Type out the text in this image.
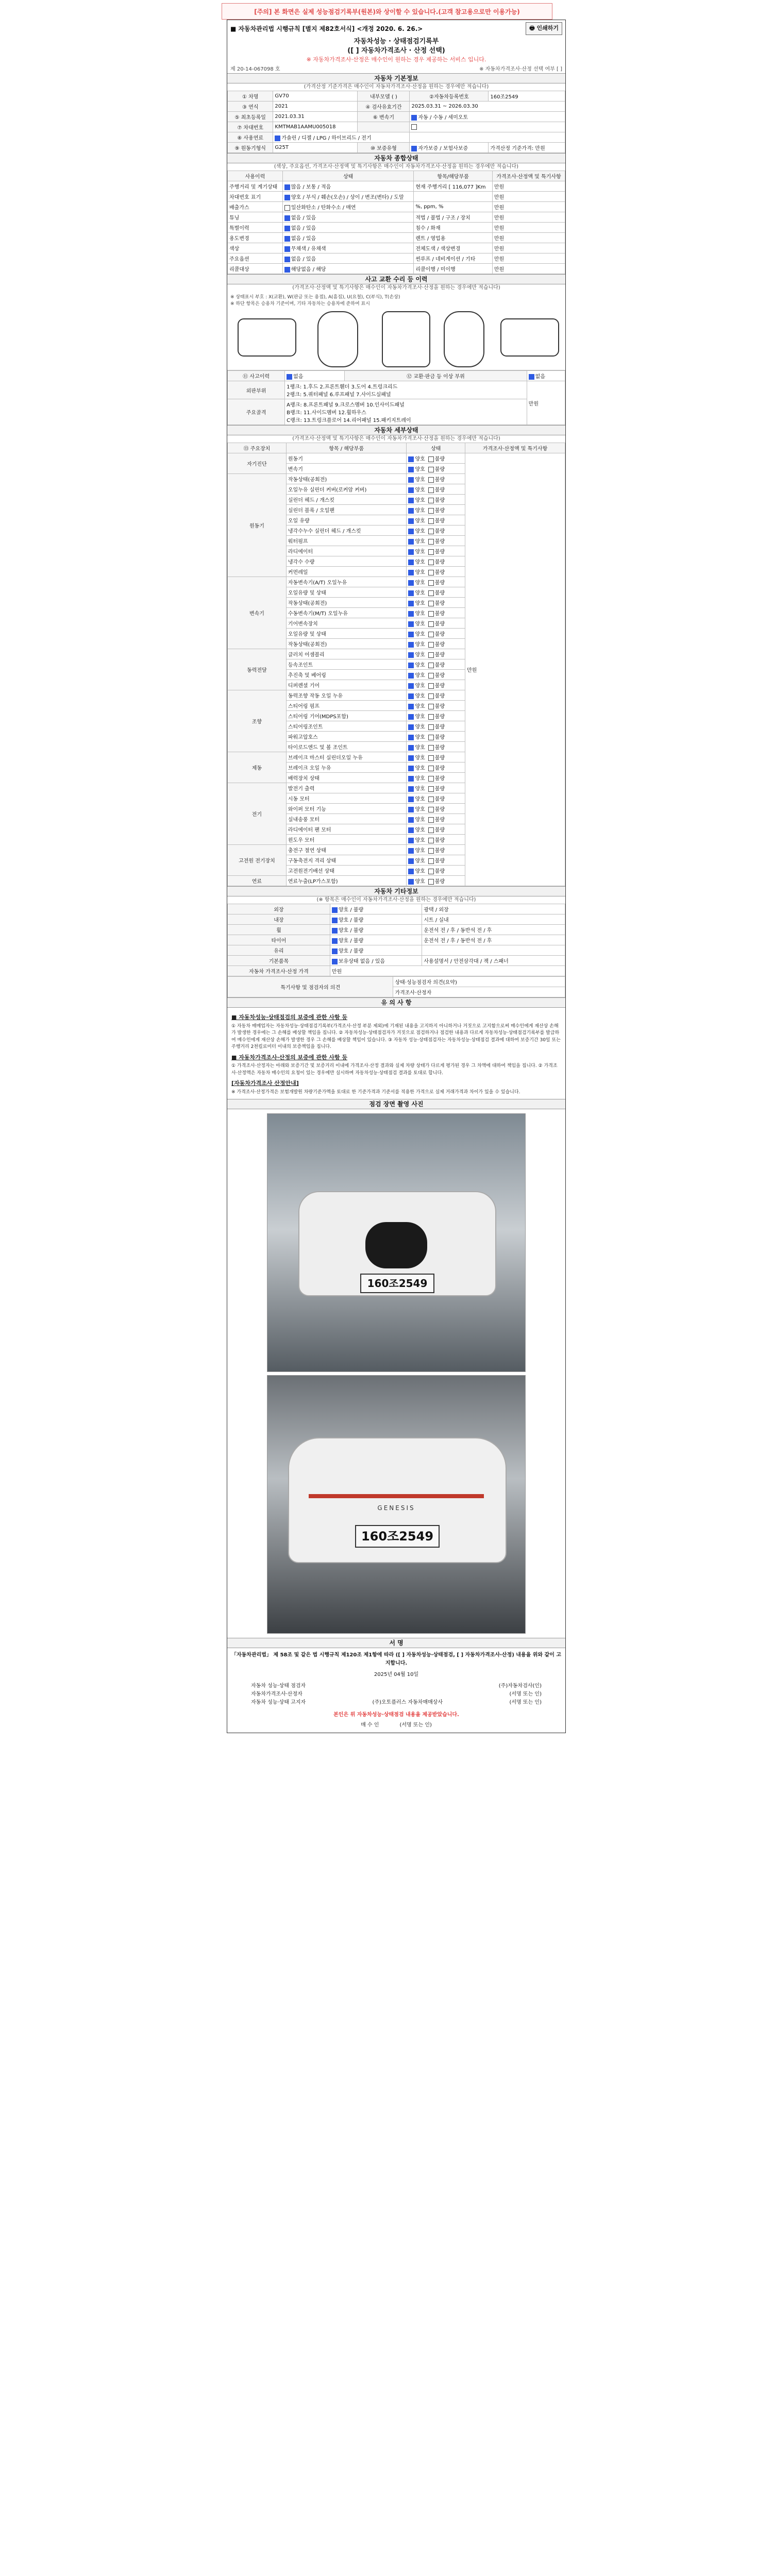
[주의] 본 화면은 실제 성능점검기록부(원본)와 상이할 수 있습니다.(고객 참고용으로만 이용가능)
■ 자동차관리법 시행규칙 [별지 제82호서식] <개정 2020. 6. 26.>	🖶 인쇄하기
자동차성능 · 상태점검기록부
([ ] 자동차가격조사 · 산정 선택)
※ 자동차가격조사·산정은 매수인이 원하는 경우 제공하는 서비스 입니다.
제 20-14-067098 호	※ 자동차가격조사·산정 선택 여부 [ ]
자동차 기본정보
(가격산정 기준가격은 매수인이 자동차가격조사·산정을 원하는 경우에만 적습니다)
① 차명	GV70	내부모델 ( )	②자동차등록번호	160조2549
③ 연식	2021	④ 검사유효기간	2025.03.31 ~ 2026.03.30	
⑤ 최초등록일	2021.03.31	⑥ 변속기	자동 / 수동 / 세미오토	
⑦ 차대번호	KMTMAB1AAMU005018			
⑧ 사용연료	가솔린 / 디젤 / LPG / 하이브리드 / 전기			
⑨ 원동기형식	G25T	⑩ 보증유형	자가보증 / 보험사보증	가격산정 기준가격: 만원
자동차 종합상태
(색상, 주요옵션, 가격조사·산정액 및 특기사항은 매수인이 자동차가격조사·산정을 원하는 경우에만 적습니다)
사용이력	상태	항목/해당부품	가격조사·산정액 및 특기사항
주행거리 및 계기상태	많음 / 보통 / 적음	현재 주행거리 [ 116,077 ]Km	만원
차대번호 표기	양호 / 부식 / 훼손(오손) / 상이 / 변조(변타) / 도말		만원
배출가스	일산화탄소 / 탄화수소 / 매연	%, ppm, %	만원
튜닝	없음 / 있음	적법 / 불법 / 구조 / 장치	만원
특별이력	없음 / 있음	침수 / 화재	만원
용도변경	없음 / 있음	렌트 / 영업용	만원
색상	무채색 / 유채색	전체도색 / 색상변경	만원
주요옵션	없음 / 있음	썬루프 / 네비게이션 / 기타	만원
리콜대상	해당없음 / 해당	리콜이행 / 미이행	만원
사고 교환 수리 등 이력
(가격조사·산정액 및 특기사항은 매수인이 자동차가격조사·산정을 원하는 경우에만 적습니다)
※ 상태표시 부호 : X(교환), W(판금 또는 용접), A(흠집), U(요철), C(부식), T(손상)
※ 하단 항목은 승용차 기준이며, 기타 자동차는 승용차에 준하여 표시
⑪ 사고이력	없음	⑫ 교환·판금 등 이상 부위	없음
외판부위	1랭크: 1.후드 2.프론트휀더 3.도어 4.트렁크리드
2랭크: 5.쿼터패널 6.루프패널 7.사이드실패널		만원
주요골격	A랭크: 8.프론트패널 9.크로스멤버 10.인사이드패널
B랭크: 11.사이드멤버 12.휠하우스
C랭크: 13.트렁크플로어 14.리어패널 15.패키지트레이		
자동차 세부상태
(가격조사·산정액 및 특기사항은 매수인이 자동차가격조사·산정을 원하는 경우에만 적습니다)
⑬ 주요장치	항목 / 해당부품	상태	가격조사·산정액 및 특기사항
자기진단	원동기	양호 불량	만원
	변속기	양호 불량	
원동기	작동상태(공회전)	양호 불량	
	오일누유 실린더 커버(로커암 커버)	양호 불량	
	실린더 헤드 / 개스킷	양호 불량	
	실린더 블록 / 오일팬	양호 불량	
	오일 유량	양호 불량	
	냉각수누수 실린더 헤드 / 개스킷	양호 불량	
	워터펌프	양호 불량	
	라디에이터	양호 불량	
	냉각수 수량	양호 불량	
	커먼레일	양호 불량	
변속기	자동변속기(A/T) 오일누유	양호 불량	
	오일유량 및 상태	양호 불량	
	작동상태(공회전)	양호 불량	
	수동변속기(M/T) 오일누유	양호 불량	
	기어변속장치	양호 불량	
	오일유량 및 상태	양호 불량	
	작동상태(공회전)	양호 불량	
동력전달	클러치 어셈블리	양호 불량	
	등속조인트	양호 불량	
	추진축 및 베어링	양호 불량	
	디퍼렌셜 기어	양호 불량	
조향	동력조향 작동 오일 누유	양호 불량	
	스티어링 펌프	양호 불량	
	스티어링 기어(MDPS포함)	양호 불량	
	스티어링조인트	양호 불량	
	파워고압호스	양호 불량	
	타이로드엔드 및 볼 조인트	양호 불량	
제동	브레이크 마스터 실린더오일 누유	양호 불량	
	브레이크 오일 누유	양호 불량	
	배력장치 상태	양호 불량	
전기	발전기 출력	양호 불량	
	시동 모터	양호 불량	
	와이퍼 모터 기능	양호 불량	
	실내송풍 모터	양호 불량	
	라디에이터 팬 모터	양호 불량	
	윈도우 모터	양호 불량	
고전원 전기장치	충전구 절연 상태	양호 불량	
	구동축전지 격리 상태	양호 불량	
	고전원전기배선 상태	양호 불량	
연료	연료누출(LP가스포함)	양호 불량	
자동차 기타정보
(※ 항목은 매수인이 자동차가격조사·산정을 원하는 경우에만 적습니다)
외장	양호 / 불량	광택 / 외장
내장	양호 / 불량	시트 / 실내
휠	양호 / 불량	운전석 전 / 후 / 동반석 전 / 후
타이어	양호 / 불량	운전석 전 / 후 / 동반석 전 / 후
유리	양호 / 불량	
기본품목	보유상태 없음 / 있음	사용설명서 / 안전삼각대 / 잭 / 스패너
자동차 가격조사·산정 가격	만원	
특기사항 및 점검자의 의견	상태·성능점검자 의견(요약)
가격조사·산정자
유 의 사 항
■ 자동차성능·상태점검의 보증에 관한 사항 등
① 자동차 매매업자는 자동차성능·상태점검기록부(가격조사·산정 부분 제외)에 기재된 내용을 고지하지 아니하거나 거짓으로 고지함으로써 매수인에게 재산상 손해가 발생한 경우에는 그 손해를 배상할 책임을 집니다. ② 자동차성능·상태점검자가 거짓으로 점검하거나 점검한 내용과 다르게 자동차성능·상태점검기록부를 발급하여 매수인에게 재산상 손해가 발생한 경우 그 손해를 배상할 책임이 있습니다. ③ 자동차 성능·상태점검자는 자동차성능·상태점검 결과에 대하여 보증기간 30일 또는 주행거리 2천킬로미터 이내의 보증책임을 집니다.
■ 자동차가격조사·산정의 보증에 관한 사항 등
① 가격조사·산정자는 아래와 보증기간 및 보증거리 이내에 가격조사·산정 결과와 실제 차량 상태가 다르게 평가된 경우 그 차액에 대하여 책임을 집니다. ② 가격조사·산정액은 자동차 매수인의 요청이 있는 경우에만 실시하며 자동차성능·상태점검 결과를 토대로 합니다.
[자동차가격조사 산정안내]
※ 가격조사·산정가격은 보험개발원 차량기준가액을 토대로 한 기준가격과 기준서를 적용한 가격으로 실제 거래가격과 차이가 있을 수 있습니다.
점검 장면 촬영 사진
160조2549
GENESIS
160조2549
서 명
「자동차관리법」 제 58조 및 같은 법 시행규칙 제120조 제1항에 따라 ([ ] 자동차성능·상태점검, [ ] 자동차가격조사·산정) 내용을 위와 같이 고지합니다.
2025년 04월 10일
자동차 성능·상태 점검자	(주)자동차검사(인)
자동차가격조사·산정자	(서명 또는 인)
자동차 성능·상태 고지자	(주)오토플러스 자동차매매상사	(서명 또는 인)
본인은 위 자동차성능·상태점검 내용을 제공받았습니다.
매 수 인	(서명 또는 인)
